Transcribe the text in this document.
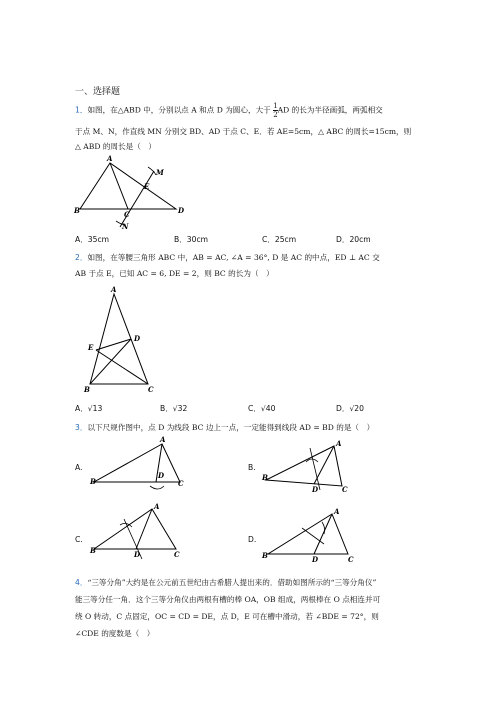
一、选择题
1．如图，在△ABD 中，分别以点 A 和点 D 为圆心，大于 $\frac{1}{2}$ AD 的长为半径画弧，两弧相交
于点 M、N，作直线 MN 分别交 BD、AD 于点 C、E．若 AE=5cm，△ ABC 的周长=15cm，则
△ ABD 的周长是（　）
A
B	C	D
E
M
N
A．35cm	B．30cm	C．25cm	D．20cm
2．如图，在等腰三角形 ABC 中，AB = AC, ∠A = 36°, D 是 AC 的中点，ED ⊥ AC 交
AB 于点 E，已知 AC = 6, DE = 2，则 BC 的长为（　）
A
B	C
D
E
A．√13	B．√32	C．√40	D．√20
3．以下尺规作图中，点 D 为线段 BC 边上一点，一定能得到线段 AD = BD 的是（　）
A.
A
B
D
C
B.
A
B
D	C
C.
A
B	D	C
D.
A
B	D	C
4．“三等分角”大约是在公元前五世纪由古希腊人提出来的．借助如图所示的“三等分角仪”
能三等分任一角．这个三等分角仪由两根有槽的棒 OA，OB 组成，两根棒在 O 点相连并可
绕 O 转动，C 点固定，OC = CD = DE，点 D，E 可在槽中滑动，若 ∠BDE = 72°，则
∠CDE 的度数是（　）
